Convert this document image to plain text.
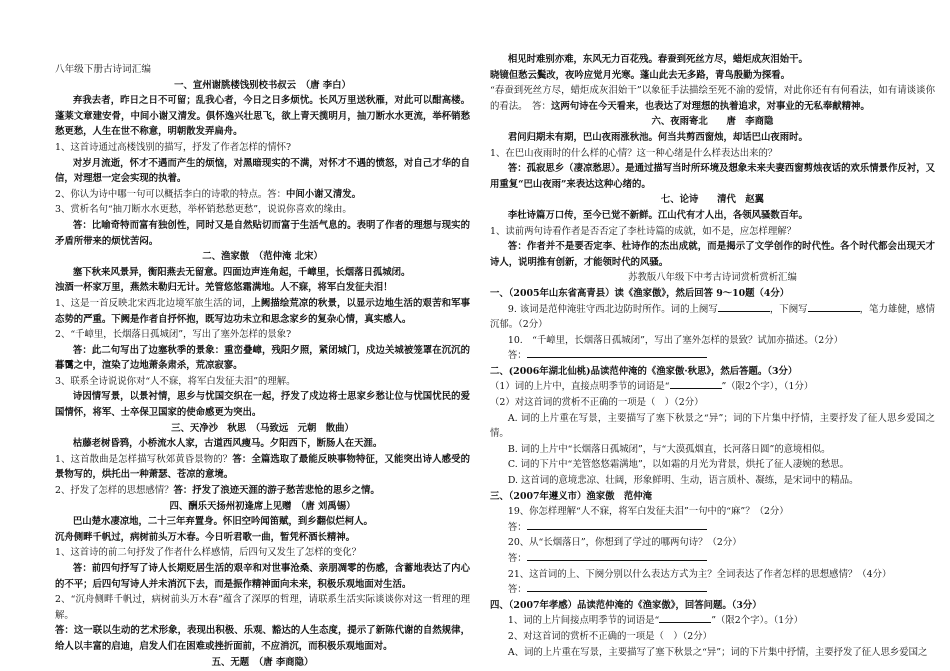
八年级下册古诗词汇编

一、宣州谢朓楼饯别校书叔云　（唐 李白）

弃我去者，昨日之日不可留；乱我心者，今日之日多烦忧。长风万里送秋雁，对此可以酣高楼。蓬莱文章建安骨，中间小谢又清发。俱怀逸兴壮思飞，欲上青天揽明月，抽刀断水水更流，举杯销愁愁更愁，人生在世不称意，明朝散发弄扁舟。

1、这首诗通过高楼饯别的描写，抒发了作者怎样的情怀?

对岁月流逝，怀才不遇而产生的烦恼，对黑暗现实的不满，对怀才不遇的愤怒，对自己才华的自信，对理想一定会实现的执着。

2、你认为诗中哪一句可以概括李白的诗歌的特点。答：中间小谢又清发。

3、赏析名句“抽刀断水水更愁，举杯销愁愁更愁”，说说你喜欢的缘由。

答：比喻奇特而富有独创性，同时又是自然贴切而富于生活气息的。表明了作者的理想与现实的矛盾所带来的烦忧苦闷。

二、渔家傲　（范仲淹 北宋）

塞下秋来风景异，衡阳燕去无留意。四面边声连角起，千嶂里，长烟落日孤城闭。

浊酒一杯家万里，燕然未勒归无计。羌管悠悠霜满地。人不寐，将军白发征夫泪！

1、这是一首反映北宋西北边境军旅生活的词，上阙描绘荒凉的秋景，以显示边地生活的艰苦和军事态势的严重。下阙是作者自抒怀抱，既写边功未立和思念家乡的复杂心情，真实感人。

2、“千嶂里，长烟落日孤城闭”，写出了塞外怎样的景象?

答：此二句写出了边塞秋季的景象：重峦叠嶂，残阳夕照，紧闭城门，戍边关城被笼罩在沉沉的暮霭之中，渲染了边地萧条肃杀，荒凉寂寥。

3、联系全诗说说你对“人不寐，将军白发征夫泪”的理解。

诗因情写景，以景衬情，思乡与忧国交织在一起，抒发了戍边将士思家乡愁让位与忧国忧民的爱国情怀，将军、士卒保卫国家的使命感更为突出。

三、天净沙　秋思　（马致远　元朝　散曲）

枯藤老树昏鸦，小桥流水人家，古道西风瘦马。夕阳西下，断肠人在天涯。

1、这首散曲是怎样描写秋郊黄昏景物的？答：全篇选取了最能反映事物特征，又能突出诗人感受的景物写的，烘托出一种萧瑟、苍凉的意境。

2、抒发了怎样的思想感情？答：抒发了浪迹天涯的游子愁苦悲怆的思乡之情。

四、酬乐天扬州初逢席上见赠　（唐 刘禹锡）

巴山楚水凄凉地，二十三年弃置身。怀旧空吟闻笛赋，到乡翻似烂柯人。

沉舟侧畔千帆过，病树前头万木春。今日听君歌一曲，暂凭杯酒长精神。

1、这首诗的前二句抒发了作者什么样感情，后四句又发生了怎样的变化？

答：前四句抒写了诗人长期贬居生活的艰辛和对世事沧桑、亲朋凋零的伤感，含蓄地表达了内心的不平；后四句写诗人并未消沉下去，而是振作精神面向未来，积极乐观地面对生活。

2、“沉舟侧畔千帆过，病树前头万木春”蕴含了深厚的哲理，请联系生活实际谈谈你对这一哲理的理解。

答：这一联以生动的艺术形象，表现出积极、乐观、豁达的人生态度，提示了新陈代谢的自然规律，给人以丰富的启迪，启发人们在困难或挫折面前，不应消沉，而积极乐观地面对。

五、无题　（唐 李商隐）

相见时难别亦难，东风无力百花残。春蚕到死丝方尽，蜡炬成灰泪始干。

晓镜但愁云鬓改，夜吟应觉月光寒。蓬山此去无多路，青鸟殷勤为探看。

“春蚕到死丝方尽，蜡炬成灰泪始干”以象征手法描绘至死不渝的爱情，对此你还有有何看法，如有请谈谈你的看法。　答：这两句诗在今天看来，也表达了对理想的执着追求，对事业的无私奉献精神。

六、夜雨寄北　　唐　李商隐

君问归期未有期，巴山夜雨涨秋池。何当共剪西窗烛，却话巴山夜雨时。

1、在巴山夜雨时的什么样的心情？这一种心绪是什么样表达出来的？

答：孤寂思乡（凄凉愁思）。是通过描写当时所环境及想象未来夫妻西窗剪烛夜话的欢乐情景作反衬，又用重复“巴山夜雨”来表达这种心绪的。

七、论诗　　清代　赵翼

李杜诗篇万口传，至今已觉不新鲜。江山代有才人出，各领风骚数百年。

1、读前两句诗看作者是否否定了李杜诗篇的成就，如不是，应怎样理解？

答：作者并不是要否定李、杜诗作的杰出成就，而是揭示了文学创作的时代性。各个时代都会出现天才诗人，说明推有创新，才能领时代的风骚。

苏教版八年级下中考古诗词赏析赏析汇编

一、（2005年山东省高青县）读《渔家傲》，然后回答 9～10题（4分）

9. 该词是范仲淹驻守西北边防时所作。词的上阕写	，下阕写	，笔力雄健，感情沉郁。（2分）

10.　“千嶂里，长烟落日孤城闭”，写出了塞外怎样的景致？试加亦描述。（2分）

答：

二、(2006年湖北仙桃)品读范仲淹的《渔家傲·秋思》，然后答题。（3分）

（1）词的上片中，直接点明季节的词语是“	”（限2个字），（1分）

（2）对这首词的赏析不正确的一项是（　）（2分）

A. 词的上片重在写景，主要描写了塞下秋景之“异”；词的下片集中抒情，主要抒发了征人思乡爱国之情。

B. 词的上片中“长烟落日孤城闭”，与“大漠孤烟直，长河落日圆”的意境相似。

C. 词的下片中“羌管悠悠霜满地”，以如霜的月光为背景，烘托了征人凄婉的愁思。

D. 这首词的意境悲凉、壮阔，形象鲜明、生动，语言质朴、凝练，是宋词中的精品。

三、（2007年遵义市）渔家傲　范仲淹

19、你怎样理解“人不寐，将军白发征夫泪”一句中的“麻”？（2分）

答：

20、从“长烟落日”，你想到了学过的哪两句诗？（2分）

答：

21、这首词的上、下阕分别以什么表达方式为主？全词表达了作者怎样的思想感情？（4分）

答：

四、（2007年孝感）品读范仲淹的《渔家傲》，回答问题。（3分）

1、词的上片间接点明季节的词语是“	”（限2个字）。（1分）

2、对这首词的赏析不正确的一项是（　）（2分）

A、词的上片重在写景，主要描写了塞下秋景之“异”；词的下片集中抒情，主要抒发了征人思乡爱国之
